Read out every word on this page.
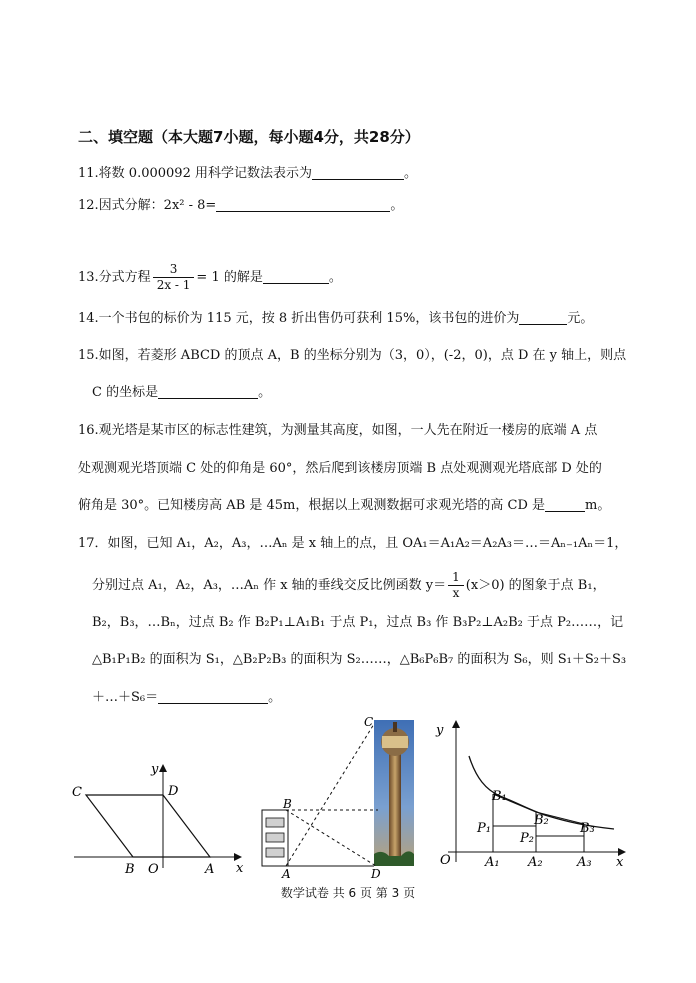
二、填空题（本大题7小题，每小题4分，共28分）
11.将数 0.000092 用科学记数法表示为	。
12.因式分解：2x² - 8=	。
13.分式方程 $\frac{3}{2x - 1} = 1$ 的解是	。
14.一个书包的标价为 115 元，按 8 折出售仍可获利 15%，该书包的进价为	元。
15.如图，若菱形 ABCD 的顶点 A，B 的坐标分别为（3，0），(-2，0)，点 D 在 y 轴上，则点
C 的坐标是	。
16.观光塔是某市区的标志性建筑，为测量其高度，如图，一人先在附近一楼房的底端 A 点
处观测观光塔顶端 C 处的仰角是 60°，然后爬到该楼房顶端 B 点处观测观光塔底部 D 处的
俯角是 30°。已知楼房高 AB 是 45m，根据以上观测数据可求观光塔的高 CD 是	m。
17．如图，已知 A₁，A₂，A₃，…Aₙ 是 x 轴上的点，且 OA₁＝A₁A₂＝A₂A₃＝…＝Aₙ₋₁Aₙ＝1，
分别过点 A₁，A₂，A₃，…Aₙ 作 x 轴的垂线交反比例函数 $y= \frac{1}{x} (x>0)$ 的图象于点 B₁，
B₂，B₃，…Bₙ，过点 B₂ 作 B₂P₁⊥A₁B₁ 于点 P₁，过点 B₃ 作 B₃P₂⊥A₂B₂ 于点 P₂……，记
△B₁P₁B₂ 的面积为 S₁，△B₂P₂B₃ 的面积为 S₂……，△B₆P₆B₇ 的面积为 S₆，则 S₁＋S₂＋S₃
＋…＋S₆＝	。
C	D
B O	A x
y
C
B
A	D
y
x
O
B₁
B₂
B₃
P₁
P₂
A₁ A₂	A₃
数学试卷 共 6 页 第 3 页
